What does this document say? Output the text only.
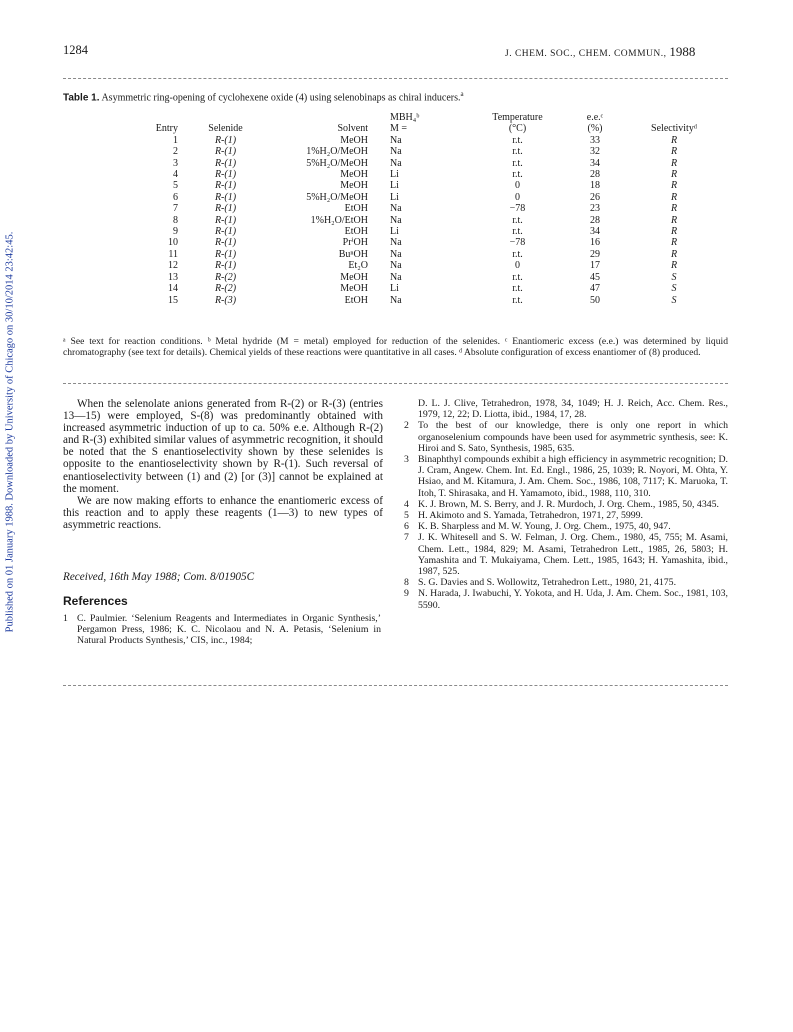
1284	J. CHEM. SOC., CHEM. COMMUN., 1988
Published on 01 January 1988. Downloaded by University of Chicago on 30/10/2014 23:42:45.
Table 1. Asymmetric ring-opening of cyclohexene oxide (4) using selenobinaps as chiral inducers.$^a$
			MBH₄ᵇ	Temperature	e.e.ᶜ	
Entry	Selenide	Solvent	M =	(°C)	(%)	Selectivityᵈ
1	R-(1)	MeOH	Na	r.t.	33	R
2	R-(1)	1%H₂O/MeOH	Na	r.t.	32	R
3	R-(1)	5%H₂O/MeOH	Na	r.t.	34	R
4	R-(1)	MeOH	Li	r.t.	28	R
5	R-(1)	MeOH	Li	0	18	R
6	R-(1)	5%H₂O/MeOH	Li	0	26	R
7	R-(1)	EtOH	Na	−78	23	R
8	R-(1)	1%H₂O/EtOH	Na	r.t.	28	R
9	R-(1)	EtOH	Li	r.t.	34	R
10	R-(1)	PrⁱOH	Na	−78	16	R
11	R-(1)	BuⁿOH	Na	r.t.	29	R
12	R-(1)	Et₂O	Na	0	17	R
13	R-(2)	MeOH	Na	r.t.	45	S
14	R-(2)	MeOH	Li	r.t.	47	S
15	R-(3)	EtOH	Na	r.t.	50	S
ᵃ See text for reaction conditions. ᵇ Metal hydride (M = metal) employed for reduction of the selenides. ᶜ Enantiomeric excess (e.e.) was determined by liquid chromatography (see text for details). Chemical yields of these reactions were quantitative in all cases. ᵈ Absolute configuration of excess enantiomer of (8) produced.

When the selenolate anions generated from R-(2) or R-(3) (entries 13—15) were employed, S-(8) was predominantly obtained with increased asymmetric induction of up to ca. 50% e.e. Although R-(2) and R-(3) exhibited similar values of asymmetric recognition, it should be noted that the S enantioselectivity shown by these selenides is opposite to the enantioselectivity shown by R-(1). Such reversal of enantioselectivity between (1) and (2) [or (3)] cannot be explained at the moment.

We are now making efforts to enhance the enantiomeric excess of this reaction and to apply these reagents (1—3) to new types of asymmetric reactions.

Received, 16th May 1988; Com. 8/01905C
References

1 C. Paulmier. ‘Selenium Reagents and Intermediates in Organic Synthesis,’ Pergamon Press, 1986; K. C. Nicolaou and N. A. Petasis, ‘Selenium in Natural Products Synthesis,’ CIS, inc., 1984;

D. L. J. Clive, Tetrahedron, 1978, 34, 1049; H. J. Reich, Acc. Chem. Res., 1979, 12, 22; D. Liotta, ibid., 1984, 17, 28.

2 To the best of our knowledge, there is only one report in which organoselenium compounds have been used for asymmetric synthesis, see: K. Hiroi and S. Sato, Synthesis, 1985, 635.

3 Binaphthyl compounds exhibit a high efficiency in asymmetric recognition; D. J. Cram, Angew. Chem. Int. Ed. Engl., 1986, 25, 1039; R. Noyori, M. Ohta, Y. Hsiao, and M. Kitamura, J. Am. Chem. Soc., 1986, 108, 7117; K. Maruoka, T. Itoh, T. Shirasaka, and H. Yamamoto, ibid., 1988, 110, 310.

4 K. J. Brown, M. S. Berry, and J. R. Murdoch, J. Org. Chem., 1985, 50, 4345.

5 H. Akimoto and S. Yamada, Tetrahedron, 1971, 27, 5999.

6 K. B. Sharpless and M. W. Young, J. Org. Chem., 1975, 40, 947.

7 J. K. Whitesell and S. W. Felman, J. Org. Chem., 1980, 45, 755; M. Asami, Chem. Lett., 1984, 829; M. Asami, Tetrahedron Lett., 1985, 26, 5803; H. Yamashita and T. Mukaiyama, Chem. Lett., 1985, 1643; H. Yamashita, ibid., 1987, 525.

8 S. G. Davies and S. Wollowitz, Tetrahedron Lett., 1980, 21, 4175.

9 N. Harada, J. Iwabuchi, Y. Yokota, and H. Uda, J. Am. Chem. Soc., 1981, 103, 5590.
